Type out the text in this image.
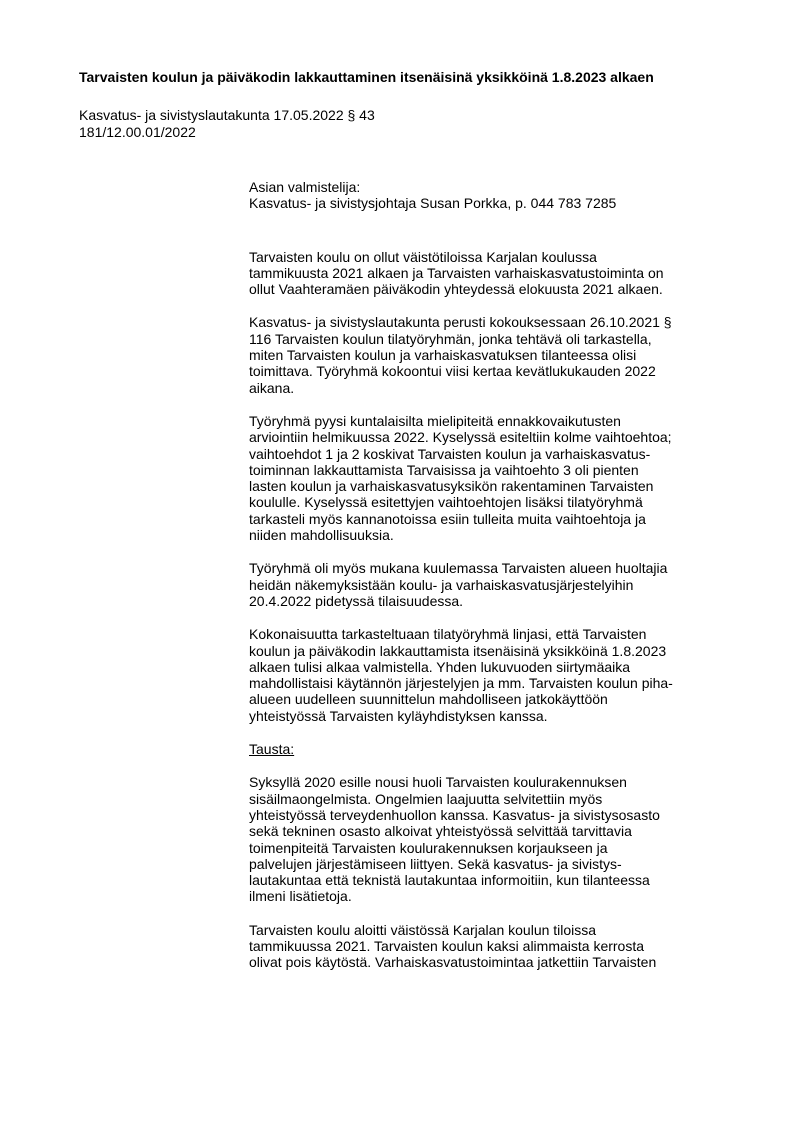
Tarvaisten koulun ja päiväkodin lakkauttaminen itsenäisinä yksikköinä 1.8.2023 alkaen
Kasvatus- ja sivistyslautakunta 17.05.2022 § 43
181/12.00.01/2022
Asian valmistelija:
Kasvatus- ja sivistysjohtaja Susan Porkka, p. 044 783 7285
Tarvaisten koulu on ollut väistötiloissa Karjalan koulussa
tammikuusta 2021 alkaen ja Tarvaisten varhaiskasvatustoiminta on
ollut Vaahteramäen päiväkodin yhteydessä elokuusta 2021 alkaen.
Kasvatus- ja sivistyslautakunta perusti kokouksessaan 26.10.2021 §
116 Tarvaisten koulun tilatyöryhmän, jonka tehtävä oli tarkastella,
miten Tarvaisten koulun ja varhaiskasvatuksen tilanteessa olisi
toimittava. Työryhmä kokoontui viisi kertaa kevätlukukauden 2022
aikana.
Työryhmä pyysi kuntalaisilta mielipiteitä ennakkovaikutusten
arviointiin helmikuussa 2022. Kyselyssä esiteltiin kolme vaihtoehtoa;
vaihtoehdot 1 ja 2 koskivat Tarvaisten koulun ja varhaiskasvatus-
toiminnan lakkauttamista Tarvaisissa ja vaihtoehto 3 oli pienten
lasten koulun ja varhaiskasvatusyksikön rakentaminen Tarvaisten
koululle. Kyselyssä esitettyjen vaihtoehtojen lisäksi tilatyöryhmä
tarkasteli myös kannanotoissa esiin tulleita muita vaihtoehtoja ja
niiden mahdollisuuksia.
Työryhmä oli myös mukana kuulemassa Tarvaisten alueen huoltajia
heidän näkemyksistään koulu- ja varhaiskasvatusjärjestelyihin
20.4.2022 pidetyssä tilaisuudessa.
Kokonaisuutta tarkasteltuaan tilatyöryhmä linjasi, että Tarvaisten
koulun ja päiväkodin lakkauttamista itsenäisinä yksikköinä 1.8.2023
alkaen tulisi alkaa valmistella. Yhden lukuvuoden siirtymäaika
mahdollistaisi käytännön järjestelyjen ja mm. Tarvaisten koulun piha-
alueen uudelleen suunnittelun mahdolliseen jatkokäyttöön
yhteistyössä Tarvaisten kyläyhdistyksen kanssa.
Tausta:
Syksyllä 2020 esille nousi huoli Tarvaisten koulurakennuksen
sisäilmaongelmista. Ongelmien laajuutta selvitettiin myös
yhteistyössä terveydenhuollon kanssa. Kasvatus- ja sivistysosasto
sekä tekninen osasto alkoivat yhteistyössä selvittää tarvittavia
toimenpiteitä Tarvaisten koulurakennuksen korjaukseen ja
palvelujen järjestämiseen liittyen. Sekä kasvatus- ja sivistys-
lautakuntaa että teknistä lautakuntaa informoitiin, kun tilanteessa
ilmeni lisätietoja.
Tarvaisten koulu aloitti väistössä Karjalan koulun tiloissa
tammikuussa 2021. Tarvaisten koulun kaksi alimmaista kerrosta
olivat pois käytöstä. Varhaiskasvatustoimintaa jatkettiin Tarvaisten
